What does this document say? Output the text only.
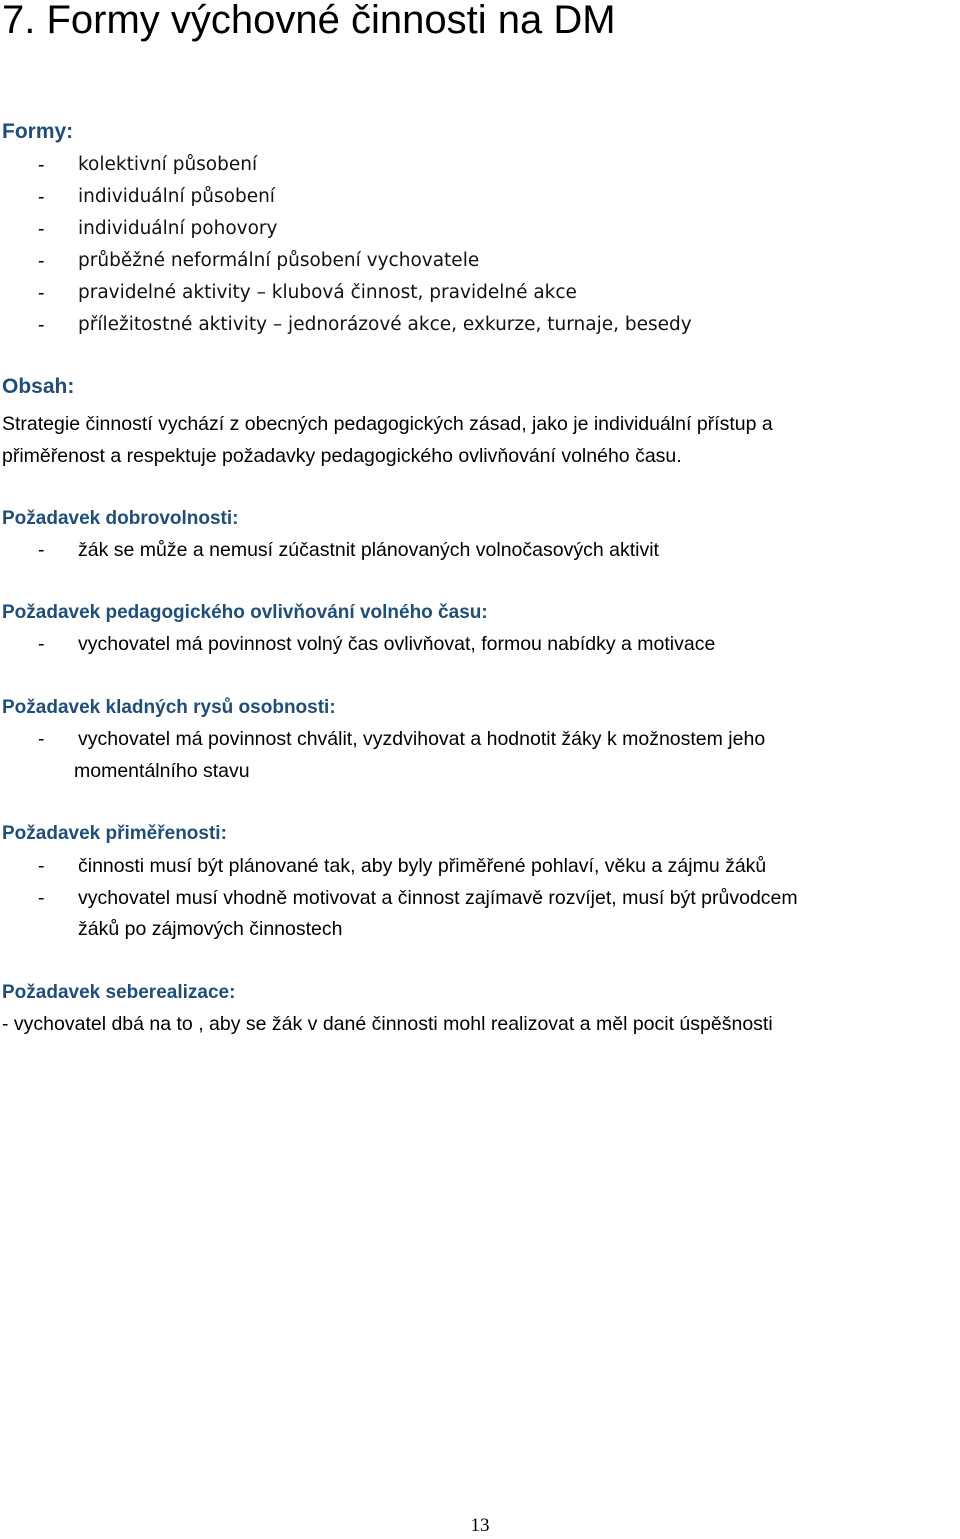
7. Formy výchovné činnosti na DM
Formy:
- kolektivní působení
- individuální působení
- individuální pohovory
- průběžné neformální působení vychovatele
- pravidelné aktivity – klubová činnost, pravidelné akce
- příležitostné aktivity – jednorázové akce, exkurze, turnaje, besedy
Obsah:
Strategie činností vychází z obecných pedagogických zásad, jako je individuální přístup a
přiměřenost a respektuje požadavky pedagogického ovlivňování volného času.
Požadavek dobrovolnosti:
- žák se může a nemusí zúčastnit plánovaných volnočasových aktivit
Požadavek pedagogického ovlivňování volného času:
- vychovatel má povinnost volný čas ovlivňovat, formou nabídky a motivace
Požadavek kladných rysů osobnosti:
- vychovatel má povinnost chválit, vyzdvihovat a hodnotit žáky k možnostem jeho
momentálního stavu
Požadavek přiměřenosti:
- činnosti musí být plánované tak, aby byly přiměřené pohlaví, věku a zájmu žáků
- vychovatel musí vhodně motivovat a činnost zajímavě rozvíjet, musí být průvodcem
žáků po zájmových činnostech
Požadavek seberealizace:
- vychovatel dbá na to , aby se žák v dané činnosti mohl realizovat a měl pocit úspěšnosti
13
